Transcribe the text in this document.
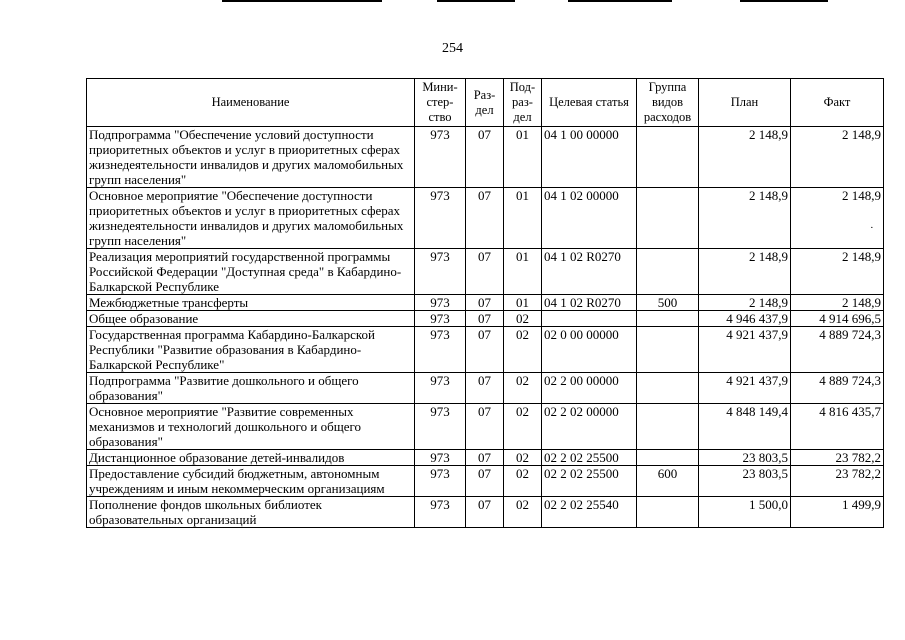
254
Наименование	Мини-стер-ство	Раз-дел	Под-раз-дел	Целевая статья	Группа видов расходов	План	Факт
Подпрограмма "Обеспечение условий доступности приоритетных объектов и услуг в приоритетных сферах жизнедеятельности инвалидов и других маломобильных групп населения"	973	07	01	04 1 00 00000		2 148,9	2 148,9
Основное мероприятие "Обеспечение доступности приоритетных объектов и услуг в приоритетных сферах жизнедеятельности инвалидов и других маломобильных групп населения"	973	07	01	04 1 02 00000		2 148,9	2 148,9
Реализация мероприятий государственной программы Российской Федерации "Доступная среда" в Кабардино-Балкарской Республике	973	07	01	04 1 02 R0270		2 148,9	2 148,9
Межбюджетные трансферты	973	07	01	04 1 02 R0270	500	2 148,9	2 148,9
Общее образование	973	07	02			4 946 437,9	4 914 696,5
Государственная программа Кабардино-Балкарской Республики "Развитие образования в Кабардино-Балкарской Республике"	973	07	02	02 0 00 00000		4 921 437,9	4 889 724,3
Подпрограмма "Развитие дошкольного и общего образования"	973	07	02	02 2 00 00000		4 921 437,9	4 889 724,3
Основное мероприятие "Развитие современных механизмов и технологий дошкольного и общего образования"	973	07	02	02 2 02 00000		4 848 149,4	4 816 435,7
Дистанционное образование детей-инвалидов	973	07	02	02 2 02 25500		23 803,5	23 782,2
Предоставление субсидий бюджетным, автономным учреждениям и иным некоммерческим организациям	973	07	02	02 2 02 25500	600	23 803,5	23 782,2
Пополнение фондов школьных библиотек образовательных организаций	973	07	02	02 2 02 25540		1 500,0	1 499,9
·
